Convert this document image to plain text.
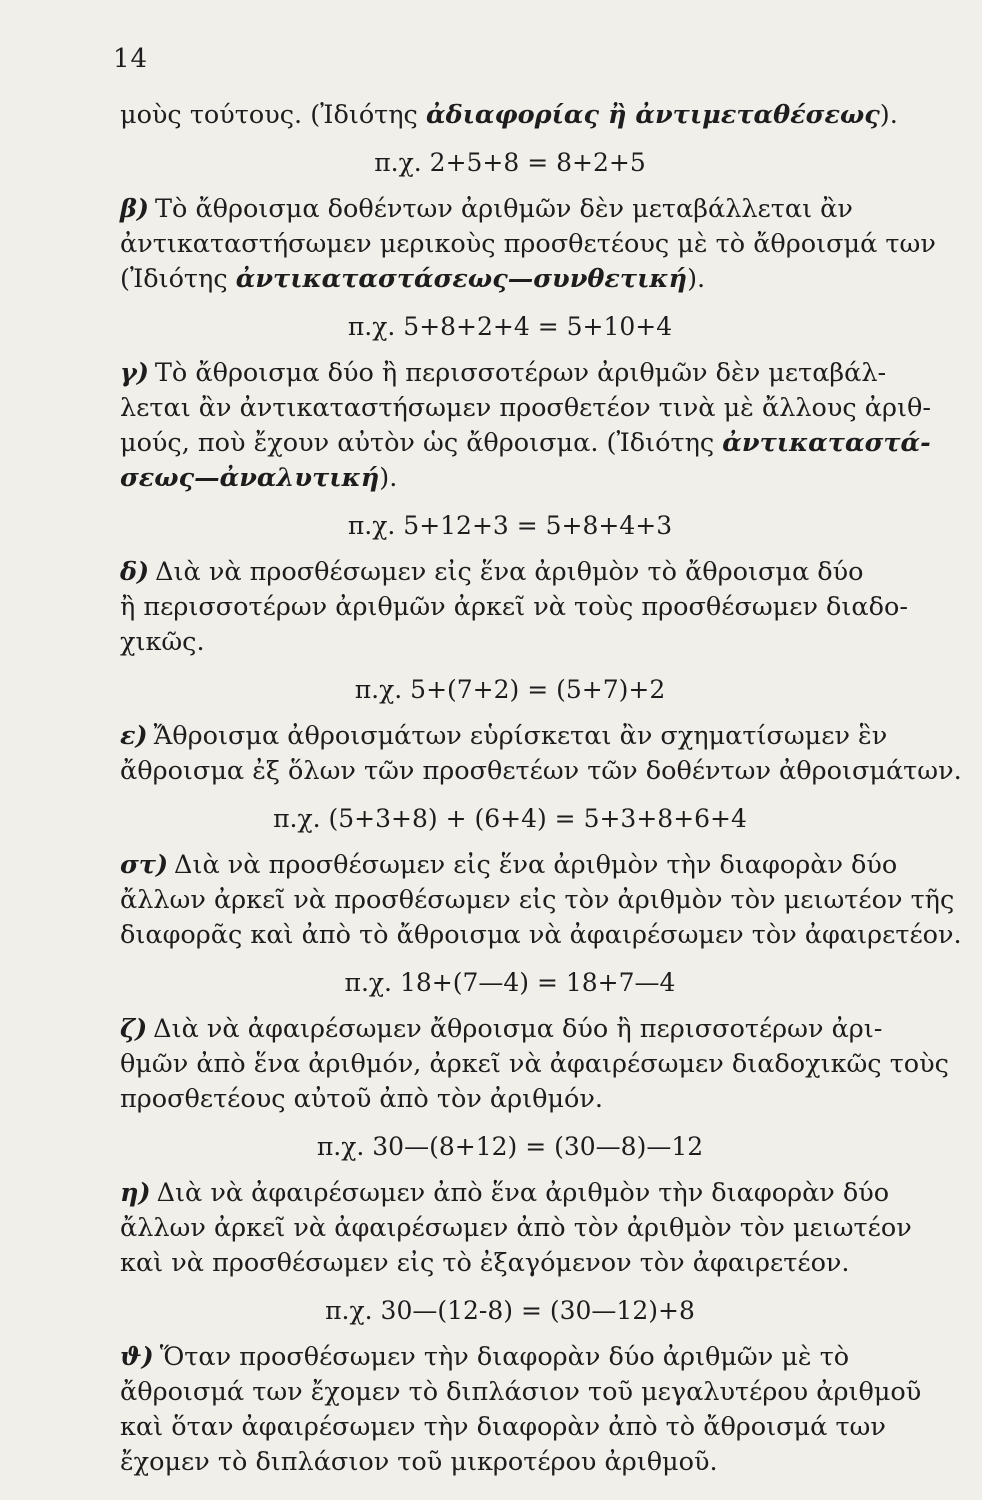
14

μοὺς τούτους. (Ἰδιότης ἀδιαφορίας ἢ ἀντιμεταθέσεως).

π.χ. 2+5+8 = 8+2+5

β) Τὸ ἄθροισμα δοθέντων ἀριθμῶν δὲν μεταβάλλεται ἂν
ἀντικαταστήσωμεν μερικοὺς προσθετέους μὲ τὸ ἄθροισμά των
(Ἰδιότης ἀντικαταστάσεως—συνθετική).

π.χ. 5+8+2+4 = 5+10+4

γ) Τὸ ἄθροισμα δύο ἢ περισσοτέρων ἀριθμῶν δὲν μεταβάλ-
λεται ἂν ἀντικαταστήσωμεν προσθετέον τινὰ μὲ ἄλλους ἀριθ-
μούς, ποὺ ἔχουν αὐτὸν ὡς ἄθροισμα. (Ἰδιότης ἀντικαταστά-
σεως—ἀναλυτική).

π.χ. 5+12+3 = 5+8+4+3

δ) Διὰ νὰ προσθέσωμεν εἰς ἕνα ἀριθμὸν τὸ ἄθροισμα δύο
ἢ περισσοτέρων ἀριθμῶν ἀρκεῖ νὰ τοὺς προσθέσωμεν διαδο-
χικῶς.

π.χ. 5+(7+2) = (5+7)+2

ε) Ἄθροισμα ἀθροισμάτων εὑρίσκεται ἂν σχηματίσωμεν ἓν
ἄθροισμα ἐξ ὅλων τῶν προσθετέων τῶν δοθέντων ἀθροισμάτων.

π.χ. (5+3+8) + (6+4) = 5+3+8+6+4

στ) Διὰ νὰ προσθέσωμεν εἰς ἕνα ἀριθμὸν τὴν διαφορὰν δύο
ἄλλων ἀρκεῖ νὰ προσθέσωμεν εἰς τὸν ἀριθμὸν τὸν μειωτέον τῆς
διαφορᾶς καὶ ἀπὸ τὸ ἄθροισμα νὰ ἀφαιρέσωμεν τὸν ἀφαιρετέον.

π.χ. 18+(7—4) = 18+7—4

ζ) Διὰ νὰ ἀφαιρέσωμεν ἄθροισμα δύο ἢ περισσοτέρων ἀρι-
θμῶν ἀπὸ ἕνα ἀριθμόν, ἀρκεῖ νὰ ἀφαιρέσωμεν διαδοχικῶς τοὺς
προσθετέους αὐτοῦ ἀπὸ τὸν ἀριθμόν.

π.χ. 30—(8+12) = (30—8)—12

η) Διὰ νὰ ἀφαιρέσωμεν ἀπὸ ἕνα ἀριθμὸν τὴν διαφορὰν δύο
ἄλλων ἀρκεῖ νὰ ἀφαιρέσωμεν ἀπὸ τὸν ἀριθμὸν τὸν μειωτέον
καὶ νὰ προσθέσωμεν εἰς τὸ ἐξαγόμενον τὸν ἀφαιρετέον.

π.χ. 30—(12-8) = (30—12)+8

ϑ) Ὅταν προσθέσωμεν τὴν διαφορὰν δύο ἀριθμῶν μὲ τὸ
ἄθροισμά των ἔχομεν τὸ διπλάσιον τοῦ μεγαλυτέρου ἀριθμοῦ
καὶ ὅταν ἀφαιρέσωμεν τὴν διαφορὰν ἀπὸ τὸ ἄθροισμά των
ἔχομεν τὸ διπλάσιον τοῦ μικροτέρου ἀριθμοῦ.
